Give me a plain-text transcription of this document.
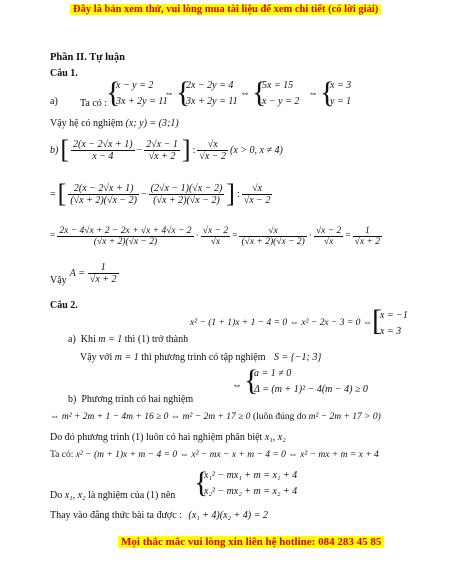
Đây là bản xem thử, vui lòng mua tài liệu để xem chi tiết (có lời giải)
Phần II. Tự luận
Câu 1.
a) Ta có :
{
x − y = 2
3x + 2y = 11
⇔ {
2x − 2y = 4
3x + 2y = 11
⇔ {
5x = 15
x − y = 2
⇔ {
x = 3
y = 1
Vậy hệ có nghiệm (x; y) = (3;1)
b) [ $\frac{2(x - 2√x + 1)}{x - 4} - \frac{2√x - 1}{√x + 2}$ ] : $\frac{√x}{√x - 2} (x > 0$, x ≠ 4)
= [ $\frac{2(x - 2√x + 1)}{(√x + 2)(√x - 2)} - \frac{(2√x - 1)(√x - 2)}{(√x + 2)(√x - 2)}$ ] : $\frac{√x}{√x - 2}$
= $\frac{2x - 4√x + 2 - 2x + √x + 4√x - 2}{(√x + 2)(√x - 2)} \cdot \frac{√x - 2}{√x} = \frac{√x}{(√x + 2)(√x - 2)} \cdot \frac{√x - 2}{√x} = \frac{1}{√x + 2}$
Vậy
$A = \frac{1}{√x + 2}$
Câu 2.
x² − (1 + 1)x + 1 − 4 = 0 ⇔ x² − 2x − 3 = 0 ⇔ [
x = −1
x = 3
a) Khi m = 1 thì (1) trở thành
Vậy với m = 1 thì phương trình có tập nghiệm S = {−1; 3}
⇔ {
a = 1 ≠ 0
Δ = (m + 1)² − 4(m − 4) ≥ 0
b) Phương trình có hai nghiệm
⇔ m² + 2m + 1 − 4m + 16 ≥ 0 ⇔ m² − 2m + 17 ≥ 0 (luôn đúng do m² − 2m + 17 > 0)
Do đó phương trình (1) luôn có hai nghiệm phân biệt x₁, x₂
Ta có: x² − (m + 1)x + m − 4 = 0 ⇔ x² − mx − x + m − 4 = 0 ⇔ x² − mx + m = x + 4
{
x₁² − mx₁ + m = x₁ + 4
x₂² − mx₂ + m = x₂ + 4
Do x₁, x₂ là nghiệm của (1) nên
Thay vào đẳng thức bài ta được : (x₁ + 4)(x₂ + 4) = 2
Mọi thắc mắc vui lòng xin liên hệ hotline: 084 283 45 85
